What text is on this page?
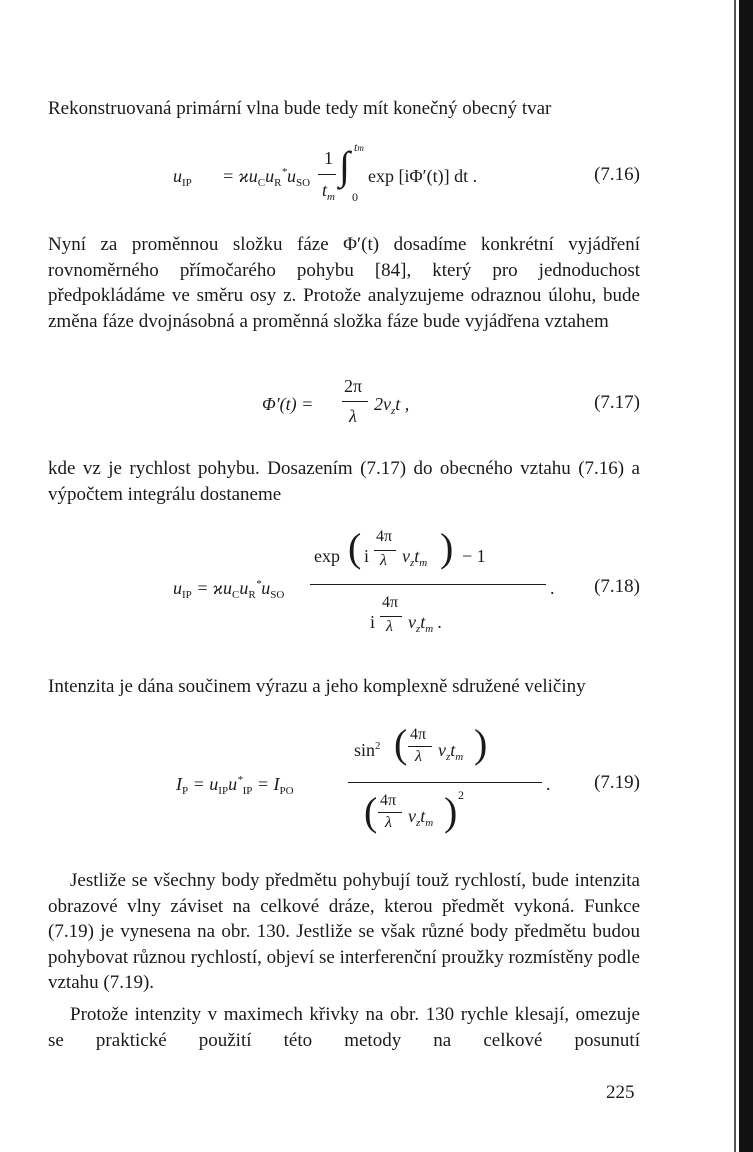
Rekonstruovaná primární vlna bude tedy mít konečný obecný tvar
$u_{IP} = ϰu_Cu_R^*u_{SO}$
1
$t_m$
∫ tm
0
exp [iΦ′(t)] dt .	(7.16)
Nyní za proměnnou složku fáze Φ′(t) dosadíme konkrétní vyjádření rovnoměrného přímočarého pohybu [84], který pro jednoduchost předpokládáme ve směru osy z. Protože analyzujeme odraznou úlohu, bude změna fáze dvojnásobná a proměnná složka fáze bude vyjádřena vztahem
Φ′(t) =
2π
λ
$2v_zt$ ,	(7.17)
kde vz je rychlost pohybu. Dosazením (7.17) do obecného vztahu (7.16) a výpočtem integrálu dostaneme
$u_{IP} = ϰu_Cu_R^*u_{SO}$
exp ( i
4π
λ $v_zt_m$ ) − 1
.
i
4π
λ $v_zt_m$ .
(7.18)
Intenzita je dána součinem výrazu a jeho komplexně sdružené veličiny
$I_P = u_{IP}u^*_{IP} = I_{PO}$
$\sin^2$ ( 4π
λ $v_zt_m$ )
.
( 4π
λ $v_zt_m$ ) 2
(7.19)
Jestliže se všechny body předmětu pohybují touž rychlostí, bude intenzita obrazové vlny záviset na celkové dráze, kterou předmět vykoná. Funkce (7.19) je vynesena na obr. 130. Jestliže se však různé body předmětu budou pohybovat různou rychlostí, objeví se interferenční proužky rozmístěny podle vztahu (7.19).
Protože intenzity v maximech křivky na obr. 130 rychle klesají, omezuje se praktické použití této metody na celkové posunutí
225
